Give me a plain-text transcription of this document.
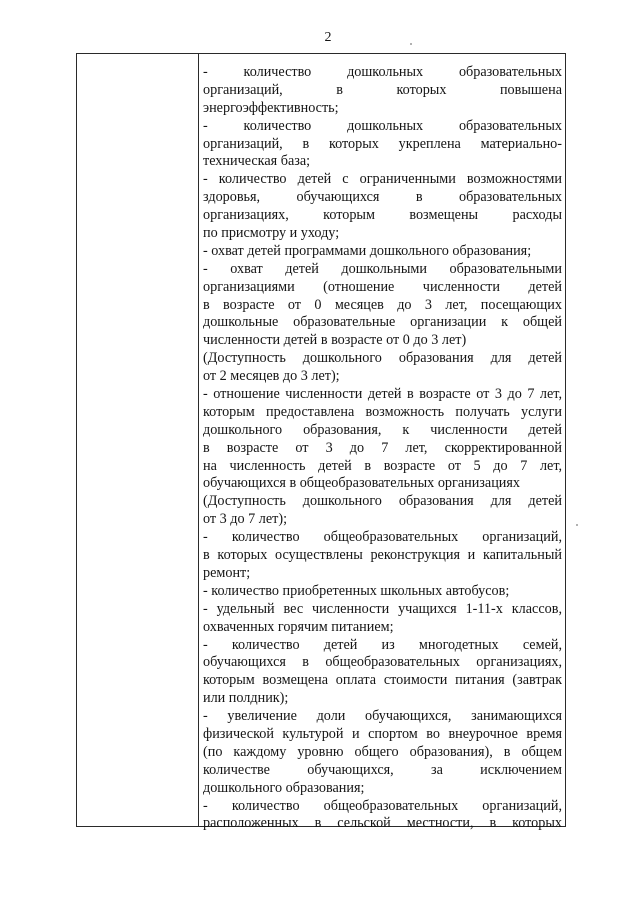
2
- количество дошкольных образовательных
организаций, в которых повышена
энергоэффективность;
- количество дошкольных образовательных
организаций, в которых укреплена материально-
техническая база;
- количество детей с ограниченными возможностями
здоровья, обучающихся в образовательных
организациях, которым возмещены расходы
по присмотру и уходу;
- охват детей программами дошкольного образования;
- охват детей дошкольными образовательными
организациями (отношение численности детей
в возрасте от 0 месяцев до 3 лет, посещающих
дошкольные образовательные организации к общей
численности детей в возрасте от 0 до 3 лет)
(Доступность дошкольного образования для детей
от 2 месяцев до 3 лет);
- отношение численности детей в возрасте от 3 до 7 лет,
которым предоставлена возможность получать услуги
дошкольного образования, к численности детей
в возрасте от 3 до 7 лет, скорректированной
на численность детей в возрасте от 5 до 7 лет,
обучающихся в общеобразовательных организациях
(Доступность дошкольного образования для детей
от 3 до 7 лет);
- количество общеобразовательных организаций,
в которых осуществлены реконструкция и капитальный
ремонт;
- количество приобретенных школьных автобусов;
- удельный вес численности учащихся 1-11-х классов,
охваченных горячим питанием;
- количество детей из многодетных семей,
обучающихся в общеобразовательных организациях,
которым возмещена оплата стоимости питания (завтрак
или полдник);
- увеличение доли обучающихся, занимающихся
физической культурой и спортом во внеурочное время
(по каждому уровню общего образования), в общем
количестве обучающихся, за исключением
дошкольного образования;
- количество общеобразовательных организаций,
расположенных в сельской местности, в которых
